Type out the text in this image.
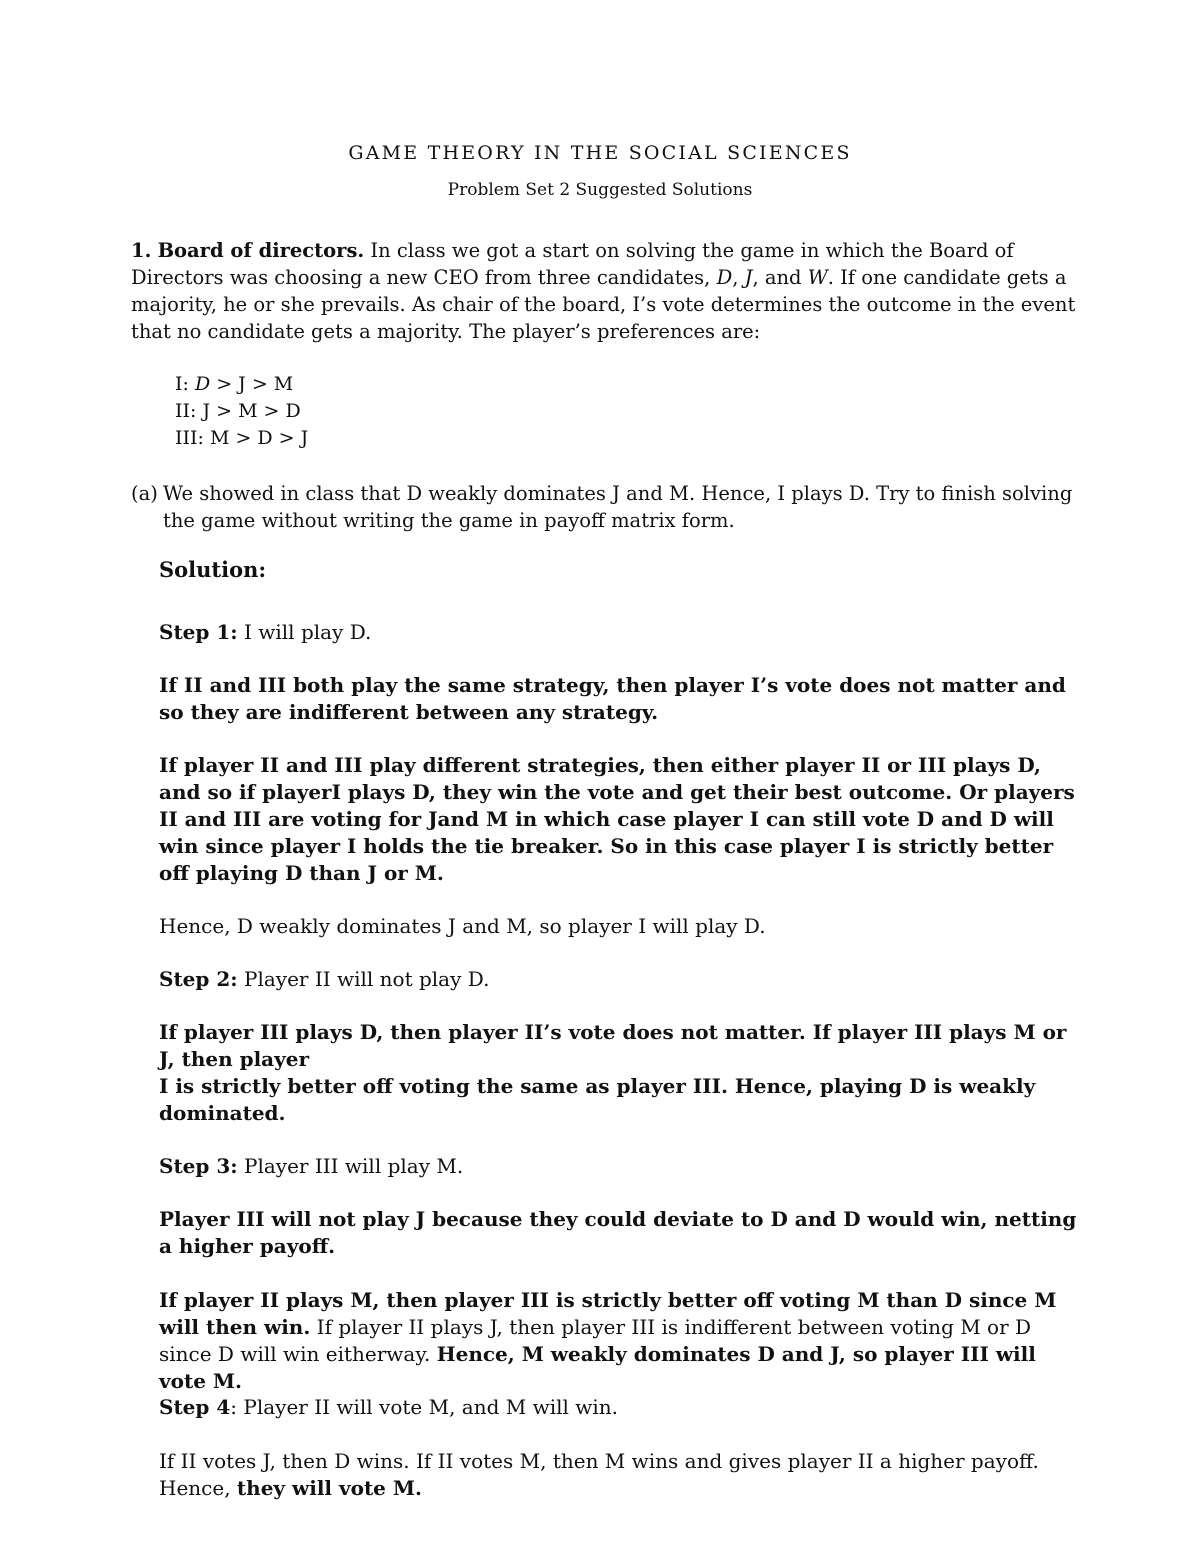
GAME THEORY IN THE SOCIAL SCIENCES
Problem Set 2 Suggested Solutions
1. Board of directors. In class we got a start on solving the game in which the Board of Directors was choosing a new CEO from three candidates, D, J, and W. If one candidate gets a majority, he or she prevails. As chair of the board, I’s vote determines the outcome in the event that no candidate gets a majority. The player’s preferences are:
I: D > J > M
II: J > M > D
III: M > D > J
(a) We showed in class that D weakly dominates J and M. Hence, I plays D. Try to finish solving
the game without writing the game in payoff matrix form.
Solution:
Step 1: I will play D.
If II and III both play the same strategy, then player I’s vote does not matter and so they are indifferent between any strategy.
If player II and III play different strategies, then either player II or III plays D, and so if playerI plays D, they win the vote and get their best outcome. Or players II and III are voting for Jand M in which case player I can still vote D and D will win since player I holds the tie breaker. So in this case player I is strictly better off playing D than J or M.
Hence, D weakly dominates J and M, so player I will play D.
Step 2: Player II will not play D.
If player III plays D, then player II’s vote does not matter. If player III plays M or J, then player
I is strictly better off voting the same as player III. Hence, playing D is weakly dominated.
Step 3: Player III will play M.
Player III will not play J because they could deviate to D and D would win, netting a higher payoff.
If player II plays M, then player III is strictly better off voting M than D since M will then win. If player II plays J, then player III is indifferent between voting M or D since D will win eitherway. Hence, M weakly dominates D and J, so player III will vote M.
Step 4: Player II will vote M, and M will win.
If II votes J, then D wins. If II votes M, then M wins and gives player II a higher payoff. Hence, they will vote M.
